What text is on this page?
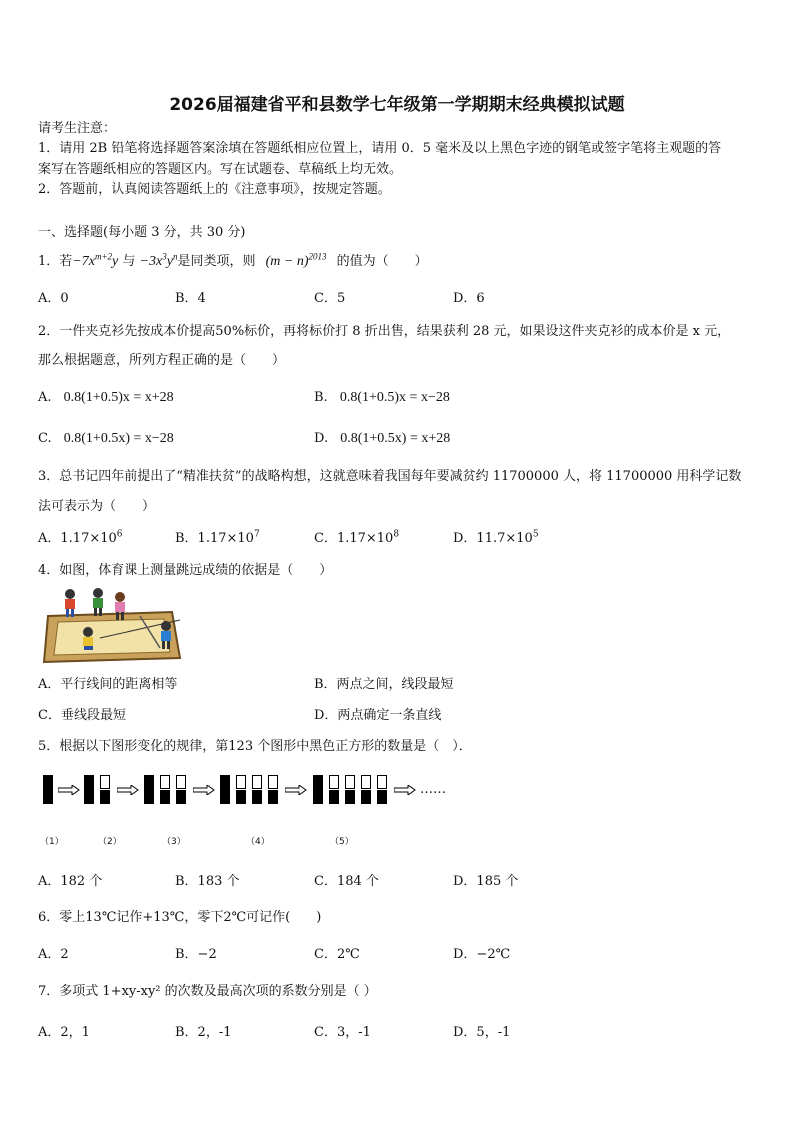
2026届福建省平和县数学七年级第一学期期末经典模拟试题
请考生注意：
1．请用 2B 铅笔将选择题答案涂填在答题纸相应位置上，请用 0．5 毫米及以上黑色字迹的钢笔或签字笔将主观题的答
案写在答题纸相应的答题区内。写在试题卷、草稿纸上均无效。
2．答题前，认真阅读答题纸上的《注意事项》，按规定答题。
一、选择题(每小题 3 分，共 30 分)
1．若$-7x^{m+2}y$ 与 $-3x^3y^n$是同类项，则 $(m - n)^{2013}$ 的值为（　　）
A．0	B．4	C．5	D．6
2．一件夹克衫先按成本价提高50%标价，再将标价打 8 折出售，结果获利 28 元，如果设这件夹克衫的成本价是 x 元，
那么根据题意，所列方程正确的是（　　）
A. 0.8(1+0.5)x = x+28	B. 0.8(1+0.5)x = x−28
C. 0.8(1+0.5x) = x−28	D. 0.8(1+0.5x) = x+28
3．总书记四年前提出了“精准扶贫”的战略构想，这就意味着我国每年要减贫约 11700000 人，将 11700000 用科学记数
法可表示为（　　）
A．$1.17\times 10^6$	B．$1.17\times 10^7$	C．$1.17\times 10^8$	D．$11.7\times 10^5$
4．如图，体育课上测量跳远成绩的依据是（　　）
A．平行线间的距离相等	B．两点之间，线段最短
C．垂线段最短	D．两点确定一条直线
5．根据以下图形变化的规律，第123 个图形中黑色正方形的数量是（　）．
……
（1）	（2）	（3）	（4）	（5）
A．182 个	B．183 个	C．184 个	D．185 个
6．零上13℃记作+13℃，零下2℃可记作(　　)
A．2	B．−2	C．2℃	D．−2℃
7．多项式 1+xy-xy² 的次数及最高次项的系数分别是（ ）
A．2，1	B．2，-1	C．3，-1	D．5，-1
